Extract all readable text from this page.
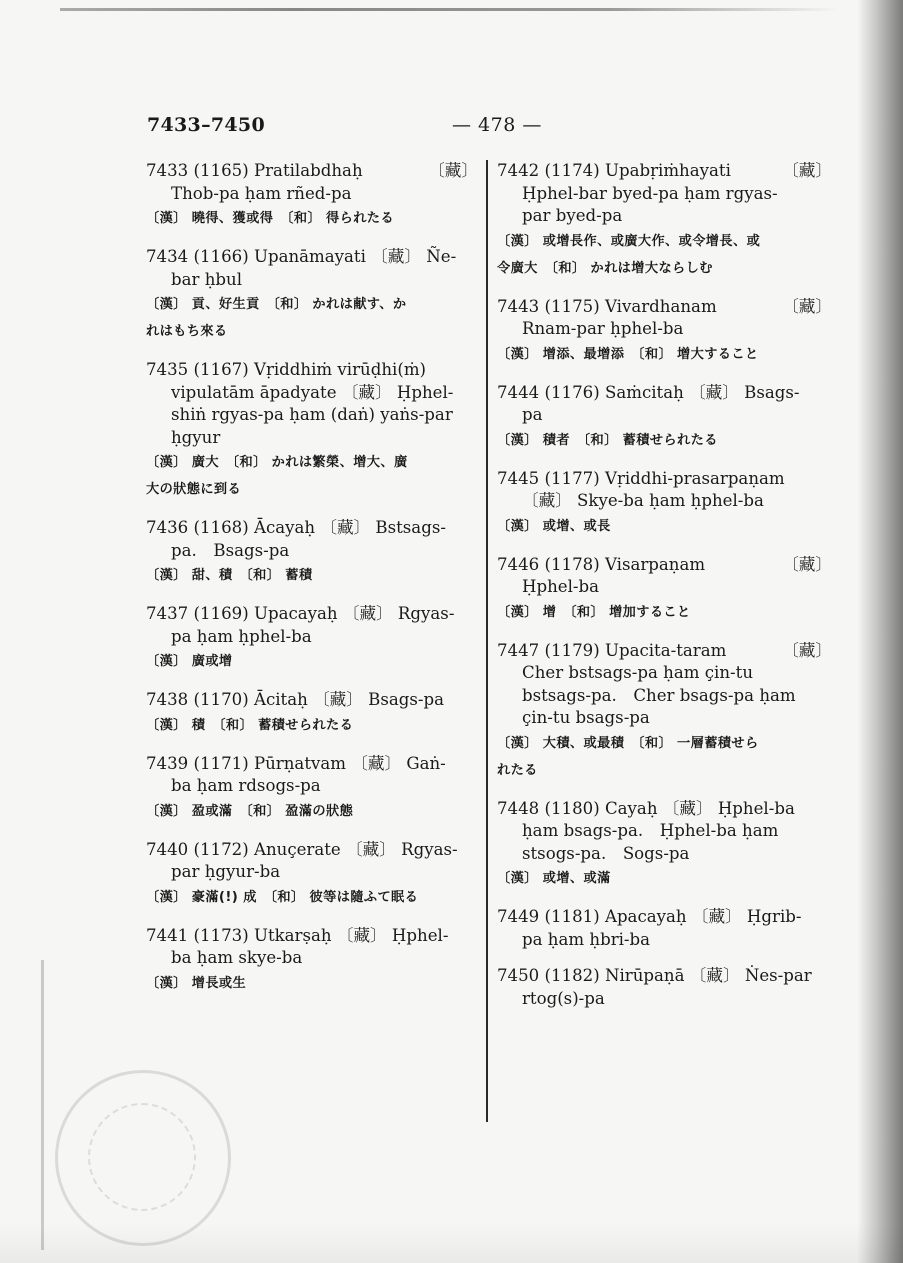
7433–7450	— 478 —
〔藏〕
7433 (1165) Pratilabdhaḥ
Thob-pa ḥam rñed-pa
〔漢〕 曉得、獲或得　〔和〕 得られたる
7434 (1166) Upanāmayati 〔藏〕 Ñe-
bar ḥbul
〔漢〕 貢、好生貢　〔和〕 かれは献す、か
れはもち來る
7435 (1167) Vṛiddhiṁ virūḍhi(ṁ)
vipulatām āpadyate 〔藏〕 Ḥphel-
shiṅ rgyas-pa ḥam (daṅ) yaṅs-par
ḥgyur
〔漢〕 廣大　〔和〕 かれは繁榮、增大、廣
大の狀態に到る
7436 (1168) Ācayaḥ 〔藏〕 Bstsags-
pa.　Bsags-pa
〔漢〕 甜、積　〔和〕 蓄積
7437 (1169) Upacayaḥ 〔藏〕 Rgyas-
pa ḥam ḥphel-ba
〔漢〕 廣或增
7438 (1170) Ācitaḥ 〔藏〕 Bsags-pa
〔漢〕 積　〔和〕 蓄積せられたる
7439 (1171) Pūrṇatvam 〔藏〕 Gaṅ-
ba ḥam rdsogs-pa
〔漢〕 盈或滿　〔和〕 盈滿の狀態
7440 (1172) Anuçerate 〔藏〕 Rgyas-
par ḥgyur-ba
〔漢〕 豪滿(!) 成　〔和〕 彼等は隨ふて眠る
7441 (1173) Utkarṣaḥ 〔藏〕 Ḥphel-
ba ḥam skye-ba
〔漢〕 增長或生
〔藏〕
7442 (1174) Upabṛiṁhayati
Ḥphel-bar byed-pa ḥam rgyas-
par byed-pa
〔漢〕 或增長作、或廣大作、或令增長、或
令廣大　〔和〕 かれは增大ならしむ
〔藏〕
7443 (1175) Vivardhanam
Rnam-par ḥphel-ba
〔漢〕 增添、最增添　〔和〕 增大すること
7444 (1176) Saṁcitaḥ 〔藏〕 Bsags-
pa
〔漢〕 積者　〔和〕 蓄積せられたる
7445 (1177) Vṛiddhi-prasarpaṇam
〔藏〕 Skye-ba ḥam ḥphel-ba
〔漢〕 或增、或長
〔藏〕
7446 (1178) Visarpaṇam
Ḥphel-ba
〔漢〕 增　〔和〕 增加すること
〔藏〕
7447 (1179) Upacita-taram
Cher bstsags-pa ḥam çin-tu
bstsags-pa.　Cher bsags-pa ḥam
çin-tu bsags-pa
〔漢〕 大積、或最積　〔和〕 一層蓄積せら
れたる
7448 (1180) Cayaḥ 〔藏〕 Ḥphel-ba
ḥam bsags-pa.　Ḥphel-ba ḥam
stsogs-pa.　Sogs-pa
〔漢〕 或增、或滿
7449 (1181) Apacayaḥ 〔藏〕 Ḥgrib-
pa ḥam ḥbri-ba
7450 (1182) Nirūpaṇā 〔藏〕 Ṅes-par
rtog(s)-pa
